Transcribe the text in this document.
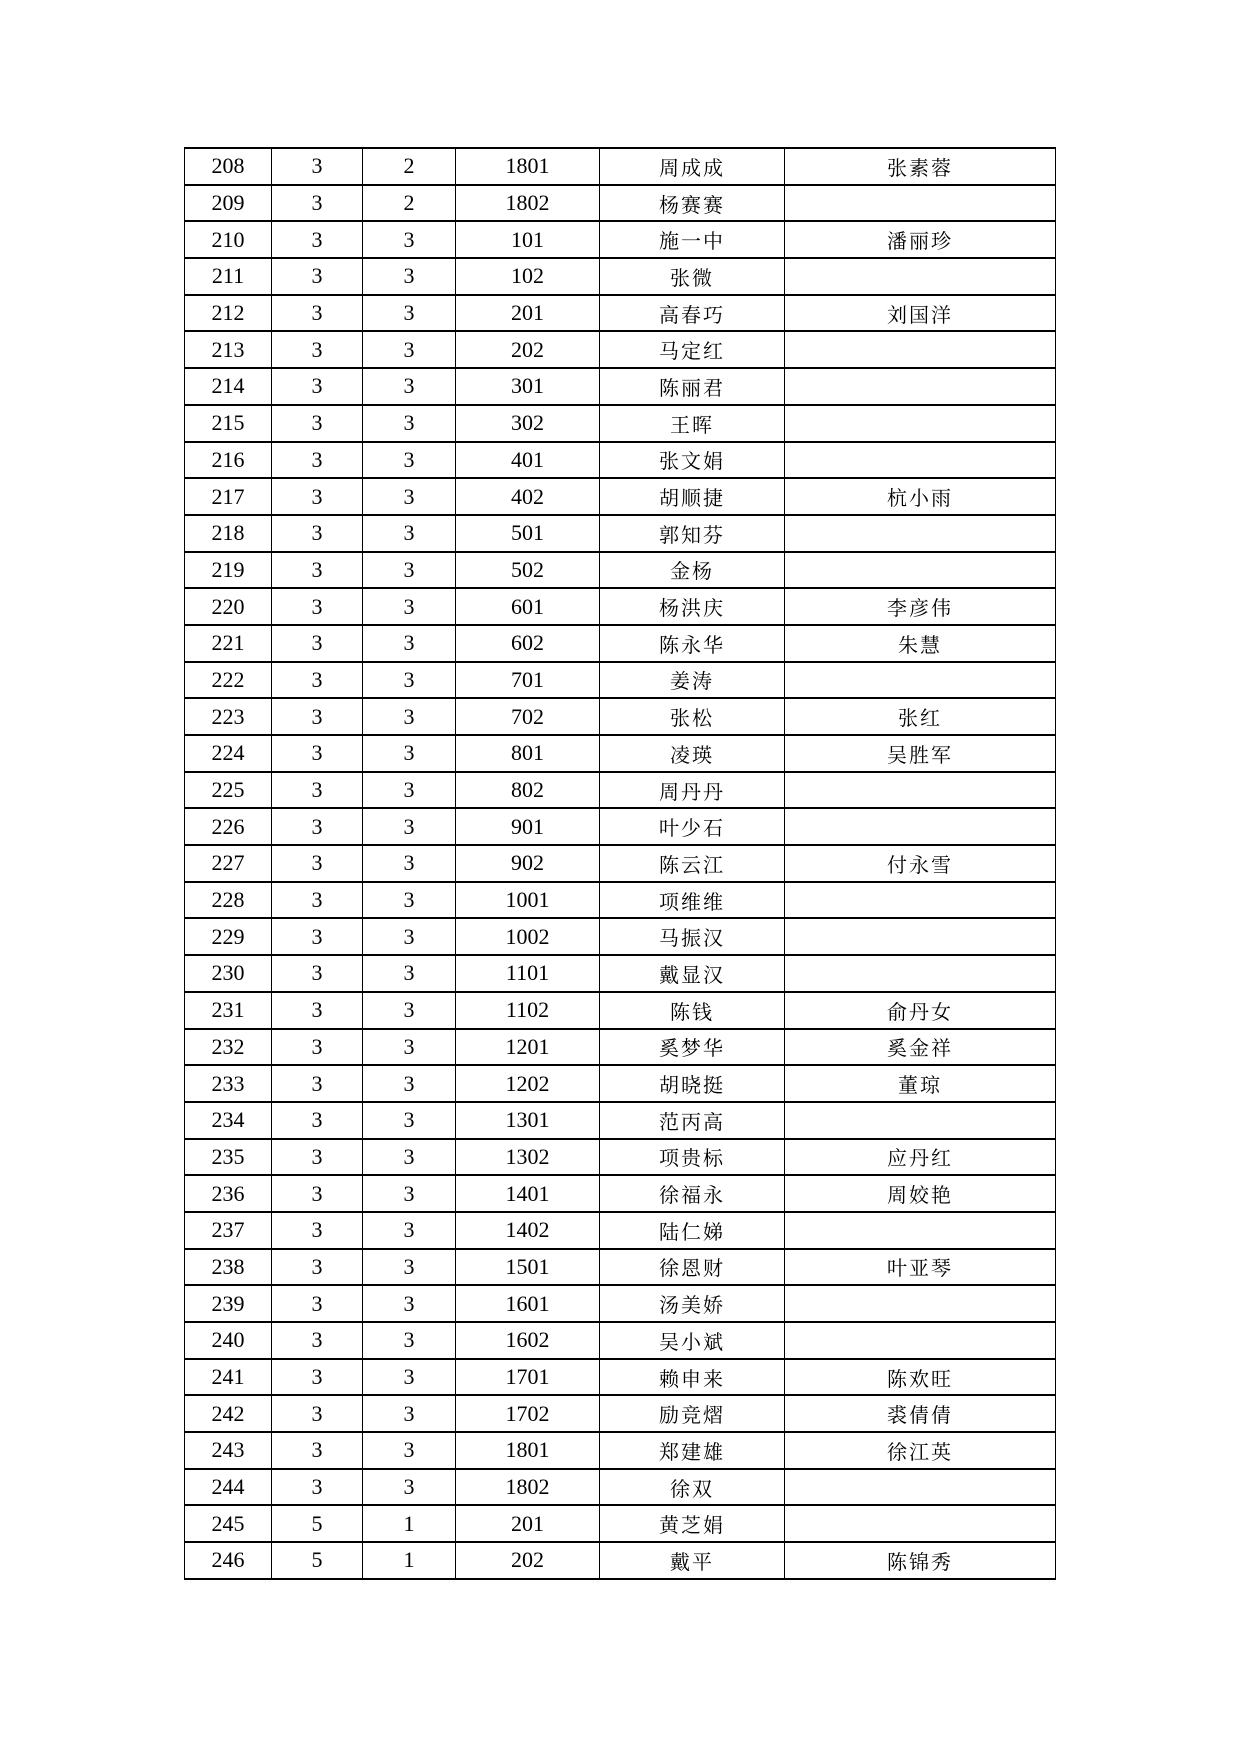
208	3	2	1801	周成成	张素蓉
209	3	2	1802	杨赛赛	
210	3	3	101	施一中	潘丽珍
211	3	3	102	张微	
212	3	3	201	高春巧	刘国洋
213	3	3	202	马定红	
214	3	3	301	陈丽君	
215	3	3	302	王晖	
216	3	3	401	张文娟	
217	3	3	402	胡顺捷	杭小雨
218	3	3	501	郭知芬	
219	3	3	502	金杨	
220	3	3	601	杨洪庆	李彦伟
221	3	3	602	陈永华	朱慧
222	3	3	701	姜涛	
223	3	3	702	张松	张红
224	3	3	801	凌瑛	吴胜军
225	3	3	802	周丹丹	
226	3	3	901	叶少石	
227	3	3	902	陈云江	付永雪
228	3	3	1001	项维维	
229	3	3	1002	马振汉	
230	3	3	1101	戴显汉	
231	3	3	1102	陈钱	俞丹女
232	3	3	1201	奚梦华	奚金祥
233	3	3	1202	胡晓挺	董琼
234	3	3	1301	范丙高	
235	3	3	1302	项贵标	应丹红
236	3	3	1401	徐福永	周姣艳
237	3	3	1402	陆仁娣	
238	3	3	1501	徐恩财	叶亚琴
239	3	3	1601	汤美娇	
240	3	3	1602	吴小斌	
241	3	3	1701	赖申来	陈欢旺
242	3	3	1702	励竞熠	裘倩倩
243	3	3	1801	郑建雄	徐江英
244	3	3	1802	徐双	
245	5	1	201	黄芝娟	
246	5	1	202	戴平	陈锦秀
